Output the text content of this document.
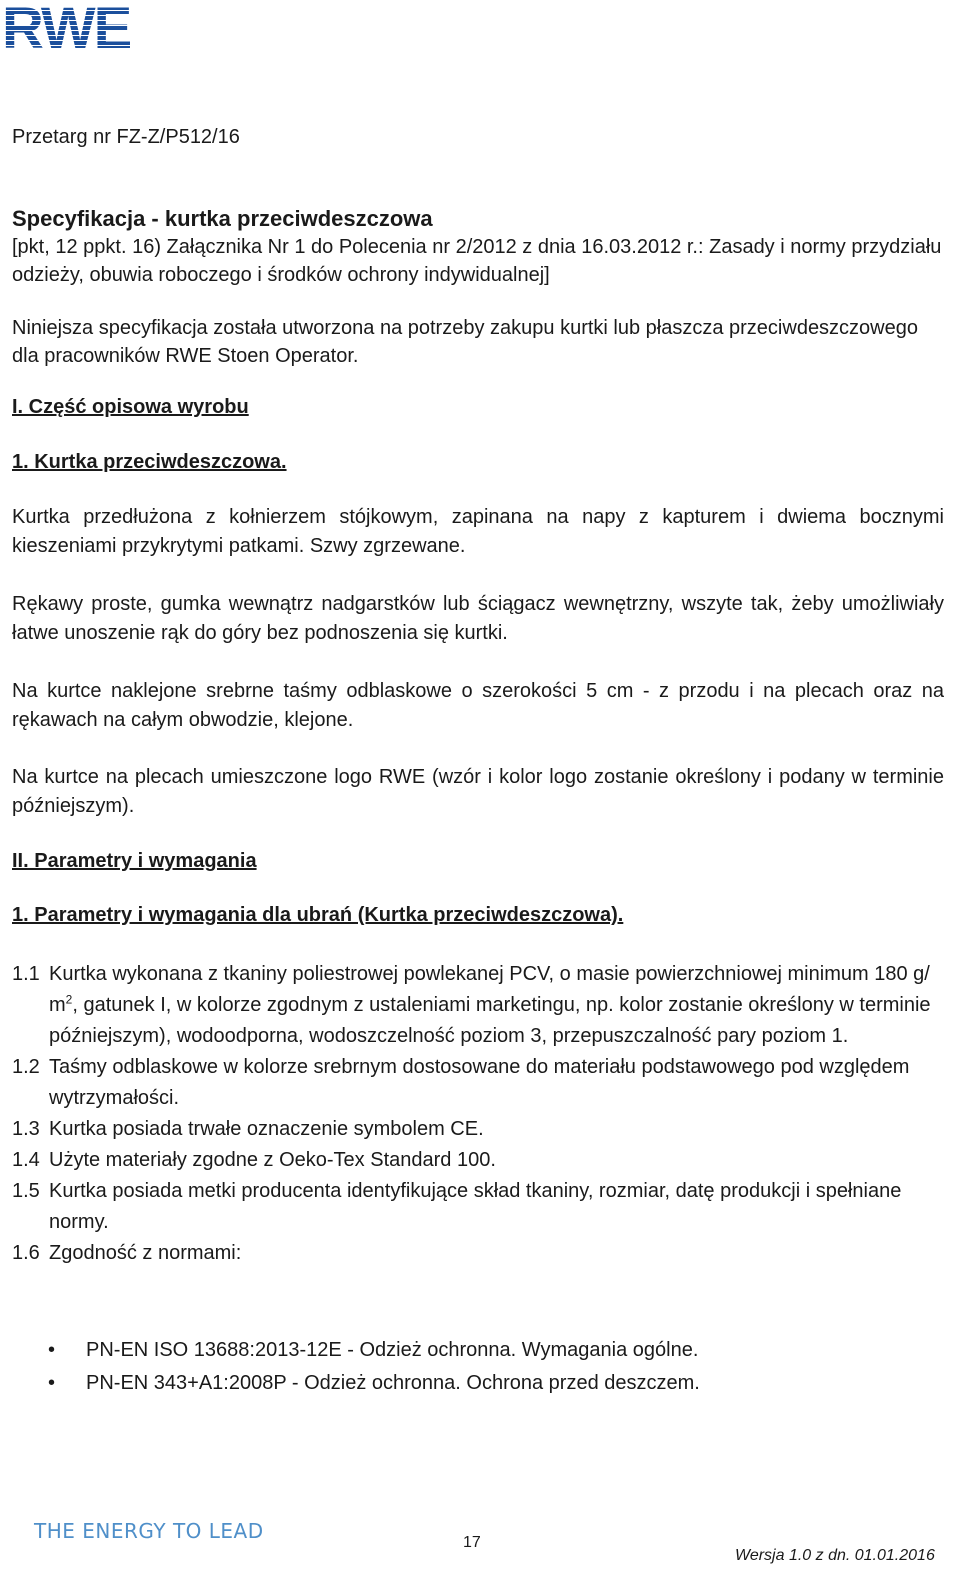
RWE
Przetarg nr FZ-Z/P512/16
Specyfikacja - kurtka przeciwdeszczowa
[pkt, 12 ppkt. 16) Załącznika Nr 1 do Polecenia nr 2/2012 z dnia 16.03.2012 r.: Zasady i normy przydziału odzieży, obuwia roboczego i środków ochrony indywidualnej]
Niniejsza specyfikacja została utworzona na potrzeby zakupu kurtki lub płaszcza przeciwdeszczowego dla pracowników RWE Stoen Operator.
I. Część opisowa wyrobu
1. Kurtka przeciwdeszczowa.
Kurtka przedłużona z kołnierzem stójkowym, zapinana na napy z kapturem i dwiema bocznymi kieszeniami przykrytymi patkami. Szwy zgrzewane.
Rękawy proste, gumka wewnątrz nadgarstków lub ściągacz wewnętrzny, wszyte tak, żeby umożliwiały łatwe unoszenie rąk do góry bez podnoszenia się kurtki.
Na kurtce naklejone srebrne taśmy odblaskowe o szerokości 5 cm - z przodu i na plecach oraz na rękawach na całym obwodzie, klejone.
Na kurtce na plecach umieszczone logo RWE (wzór i kolor logo zostanie określony i podany w terminie późniejszym).
II. Parametry i wymagania
1. Parametry i wymagania dla ubrań (Kurtka przeciwdeszczowa).
1.1 Kurtka wykonana z tkaniny poliestrowej powlekanej PCV, o masie powierzchniowej minimum 180 g/ $m^2$, gatunek I, w kolorze zgodnym z ustaleniami marketingu, np. kolor zostanie określony w terminie późniejszym), wodoodporna, wodoszczelność poziom 3, przepuszczalność pary poziom 1.
1.2 Taśmy odblaskowe w kolorze srebrnym dostosowane do materiału podstawowego pod względem wytrzymałości.
1.3 Kurtka posiada trwałe oznaczenie symbolem CE.
1.4 Użyte materiały zgodne z Oeko-Tex Standard 100.
1.5 Kurtka posiada metki producenta identyfikujące skład tkaniny, rozmiar, datę produkcji i spełniane normy.
1.6 Zgodność z normami:
•	PN-EN ISO 13688:2013-12E - Odzież ochronna. Wymagania ogólne.
•	PN-EN 343+A1:2008P - Odzież ochronna. Ochrona przed deszczem.
THE ENERGY TO LEAD	17
Wersja 1.0 z dn. 01.01.2016
